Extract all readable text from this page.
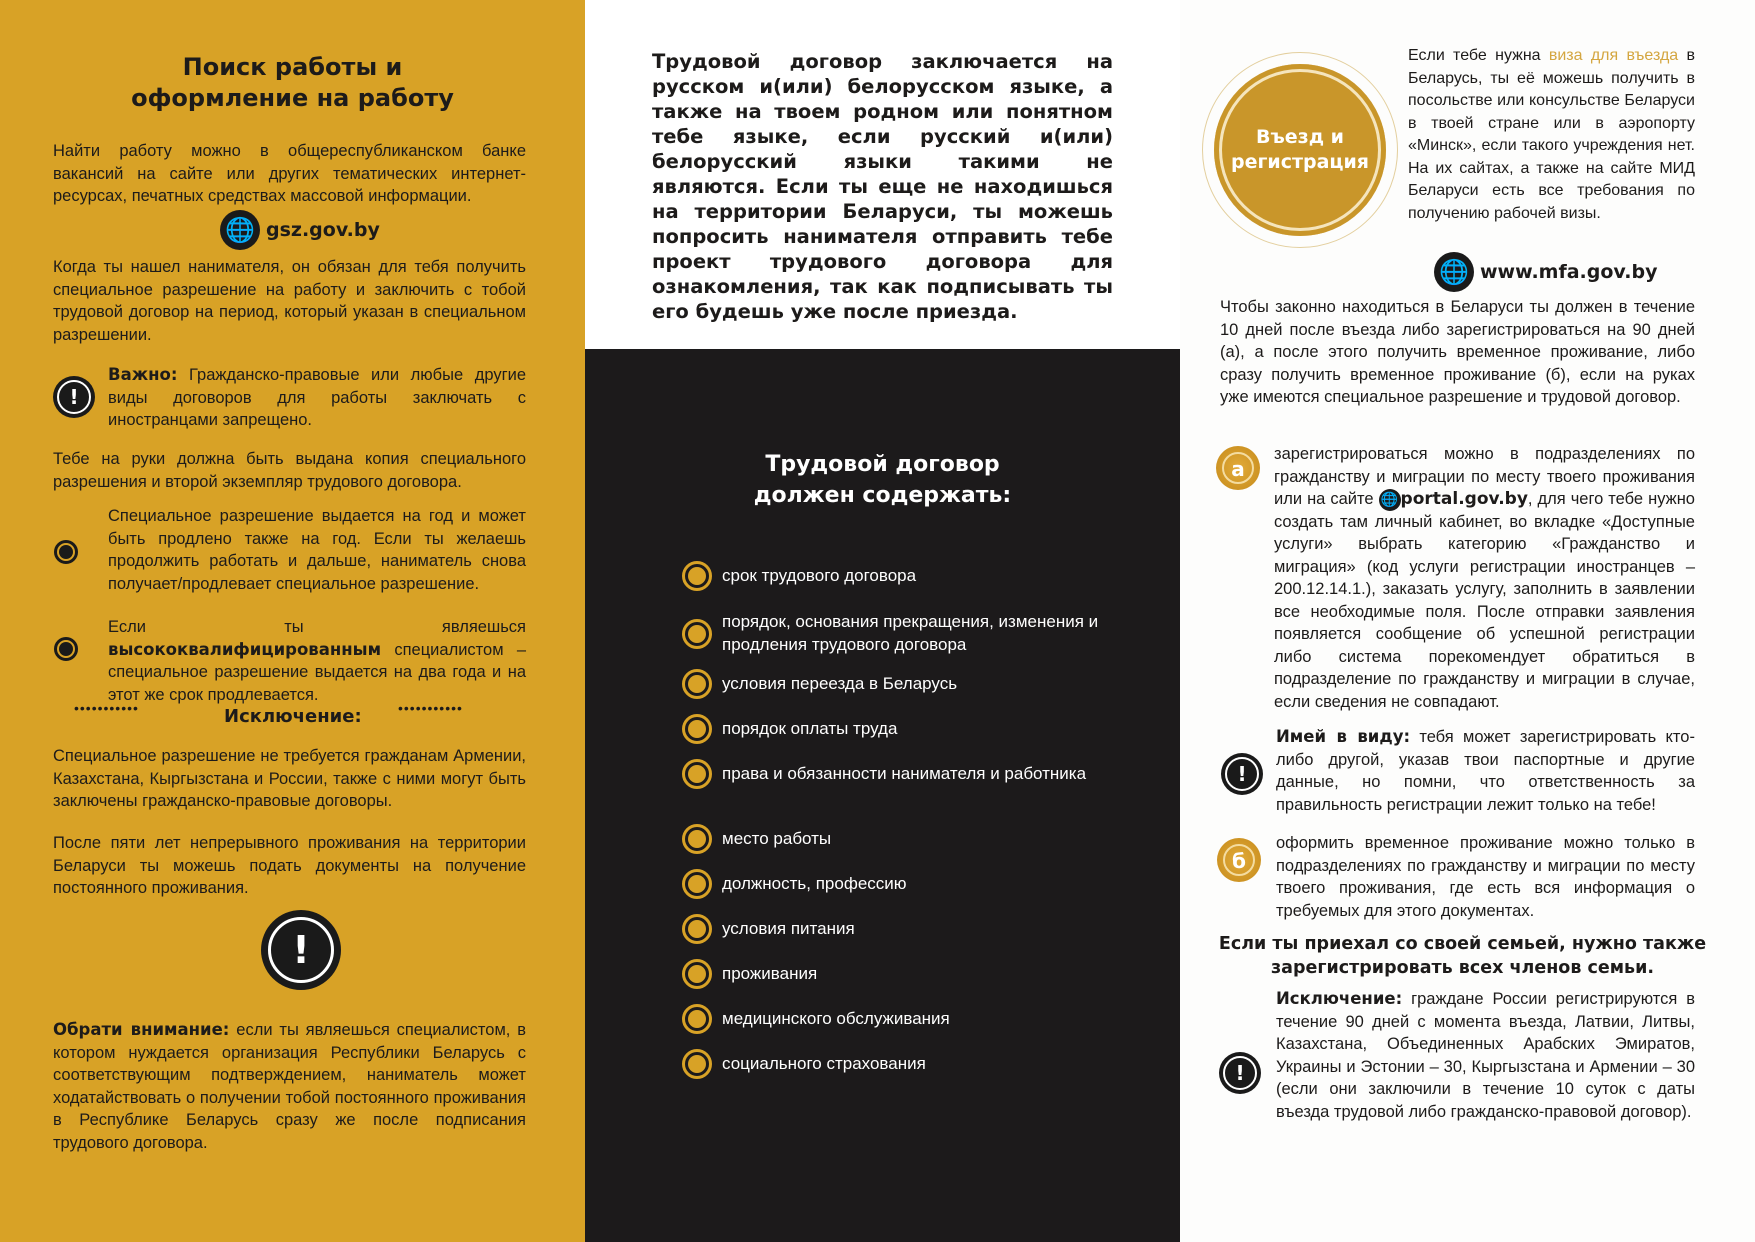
Поиск работы и
оформление на работу

Найти работу можно в общереспубликанском банке вакансий на сайте или других тематических интернет-ресурсах, печатных средствах массовой информации.

🌐 gsz.gov.by

Когда ты нашел нанимателя, он обязан для тебя получить специальное разрешение на работу и заключить с тобой трудовой договор на период, который указан в специальном разрешении.

!

Важно: Гражданско-правовые или любые другие виды договоров для работы заключать с иностранцами запрещено.

Тебе на руки должна быть выдана копия специального разрешения и второй экземпляр трудового договора.

Специальное разрешение выдается на год и может быть продлено также на год. Если ты желаешь продолжить работать и дальше, наниматель снова получает/продлевает специальное разрешение.

Если ты являешься высококвалифицированным специалистом – специальное разрешение выдается на два года и на этот же срок продлевается.

•••••••••••	•••••••••••
Исключение:

Специальное разрешение не требуется гражданам Армении, Казахстана, Кыргызстана и России, также с ними могут быть заключены гражданско-правовые договоры.

После пяти лет непрерывного проживания на территории Беларуси ты можешь подать документы на получение постоянного проживания.

!

Обрати внимание: если ты являешься специалистом, в котором нуждается организация Республики Беларусь с соответствующим подтверждением, наниматель может ходатайствовать о получении тобой постоянного проживания в Республике Беларусь сразу же после подписания трудового договора.

Трудовой договор заключается на русском и(или) белорусском языке, а также на твоем родном или понятном тебе языке, если русский и(или) белорусский языки такими не являются. Если ты еще не находишься на территории Беларуси, ты можешь попросить нанимателя отправить тебе проект трудового договора для ознакомления, так как подписывать ты его будешь уже после приезда.

Трудовой договор
должен содержать:
срок трудового договора
порядок, основания прекращения, изменения и продления трудового договора
условия переезда в Беларусь
порядок оплаты труда
права и обязанности нанимателя и работника
место работы
должность, профессию
условия питания
проживания
медицинского обслуживания
социального страхования
Въезд и
регистрация

Если тебе нужна виза для въезда в Беларусь, ты её можешь получить в посольстве или консульстве Беларуси в твоей стране или в аэропорту «Минск», если такого учреждения нет. На их сайтах, а также на сайте МИД Беларуси есть все требования по получению рабочей визы.

🌐 www.mfa.gov.by

Чтобы законно находиться в Беларуси ты должен в течение 10 дней после въезда либо зарегистрироваться на 90 дней (а), а после этого получить временное проживание, либо сразу получить временное проживание (б), если на руках уже имеются специальное разрешение и трудовой договор.

а

зарегистрироваться можно в подразделениях по гражданству и миграции по месту твоего проживания или на сайте 🌐 portal.gov.by, для чего тебе нужно создать там личный кабинет, во вкладке «Доступные услуги» выбрать категорию «Гражданство и миграция» (код услуги регистрации иностранцев – 200.12.14.1.), заказать услугу, заполнить в заявлении все необходимые поля. После отправки заявления появляется сообщение об успешной регистрации либо система порекомендует обратиться в подразделение по гражданству и миграции в случае, если сведения не совпадают.

!

Имей в виду: тебя может зарегистрировать кто-либо другой, указав твои паспортные и другие данные, но помни, что ответственность за правильность регистрации лежит только на тебе!

б

оформить временное проживание можно только в подразделениях по гражданству и миграции по месту твоего проживания, где есть вся информация о требуемых для этого документах.

Если ты приехал со своей семьей, нужно также зарегистрировать всех членов семьи.

!

Исключение: граждане России регистрируются в течение 90 дней с момента въезда, Латвии, Литвы, Казахстана, Объединенных Арабских Эмиратов, Украины и Эстонии – 30, Кыргызстана и Армении – 30 (если они заключили в течение 10 суток с даты въезда трудовой либо гражданско-правовой договор).
